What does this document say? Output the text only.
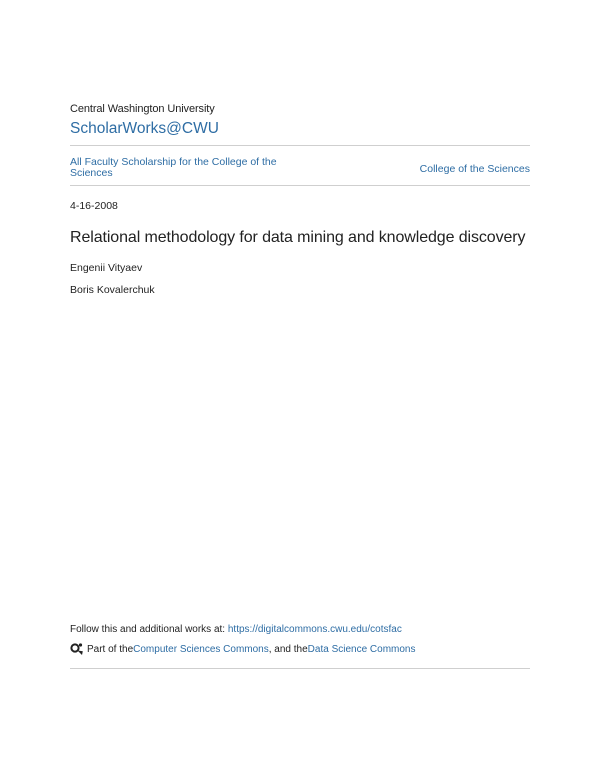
Central Washington University
ScholarWorks@CWU
All Faculty Scholarship for the College of the Sciences	College of the Sciences
4-16-2008
Relational methodology for data mining and knowledge discovery
Engenii Vityaev
Boris Kovalerchuk
Follow this and additional works at: https://digitalcommons.cwu.edu/cotsfac
Part of the Computer Sciences Commons , and the Data Science Commons
